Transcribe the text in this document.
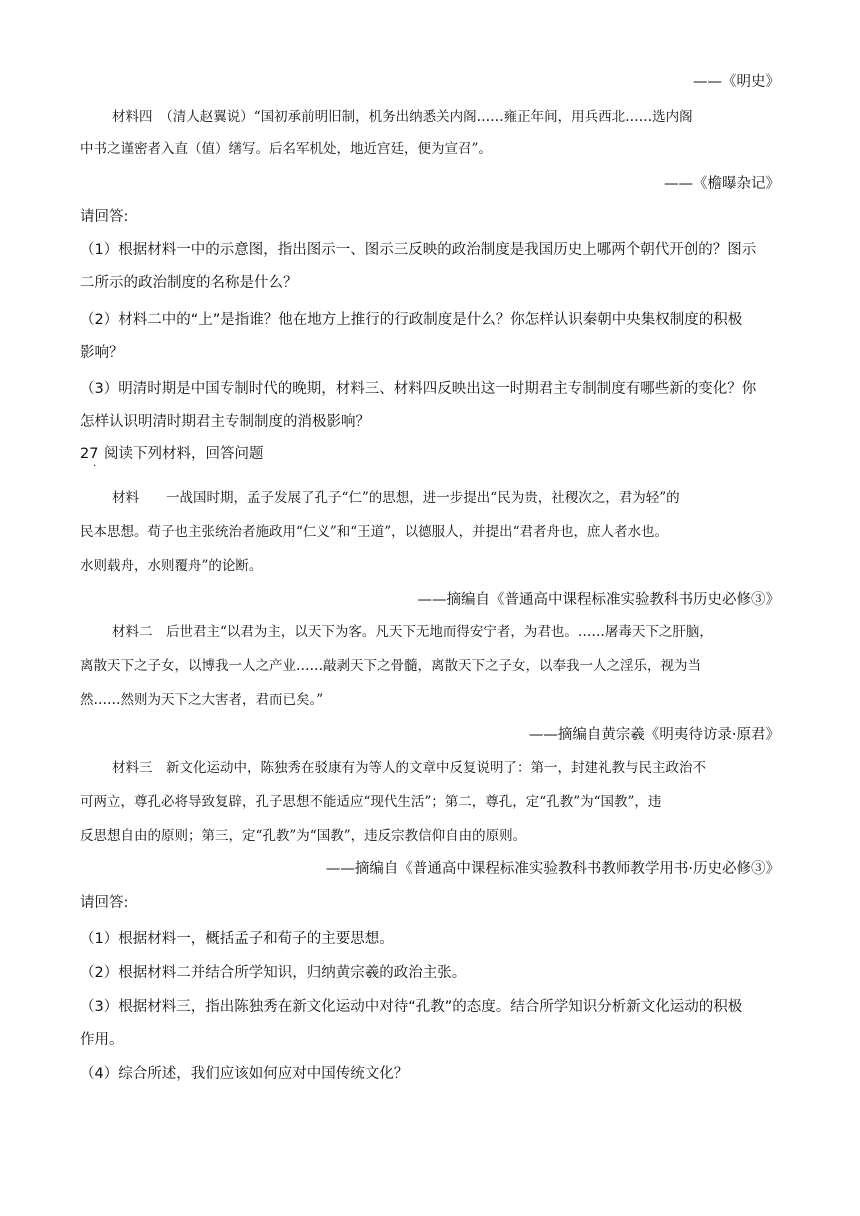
——《明史》
材料四　（清人赵翼说）“国初承前明旧制，机务出纳悉关内阁……雍正年间，用兵西北……选内阁
中书之谨密者入直（值）缮写。后名军机处，地近宫廷，便为宣召”。
——《檐曝杂记》
请回答:
（1）根据材料一中的示意图，指出图示一、图示三反映的政治制度是我国历史上哪两个朝代开创的？图示
二所示的政治制度的名称是什么？
（2）材料二中的“上”是指谁？他在地方上推行的行政制度是什么？你怎样认识秦朝中央集权制度的积极
影响？
（3）明清时期是中国专制时代的晚期，材料三、材料四反映出这一时期君主专制制度有哪些新的变化？你
怎样认识明清时期君主专制制度的消极影响？
27
·
阅读下列材料，回答问题
材料　　一战国时期，孟子发展了孔子“仁”的思想，进一步提出“民为贵，社稷次之，君为轻”的
民本思想。荀子也主张统治者施政用“仁义”和“王道”，以德服人，并提出“君者舟也，庶人者水也。
水则载舟，水则覆舟”的论断。
——摘编自《普通高中课程标准实验教科书历史必修③》
材料二　后世君主“以君为主，以天下为客。凡天下无地而得安宁者，为君也。……屠毒天下之肝脑，
离散天下之子女，以博我一人之产业……敲剥天下之骨髓，离散天下之子女，以奉我一人之淫乐，视为当
然……然则为天下之大害者，君而已矣。”
——摘编自黄宗羲《明夷待访录·原君》
材料三　新文化运动中，陈独秀在驳康有为等人的文章中反复说明了：第一，封建礼教与民主政治不
可两立，尊孔必将导致复辟，孔子思想不能适应“现代生活”；第二，尊孔，定“孔教”为“国教”，违
反思想自由的原则；第三，定“孔教”为“国教”，违反宗教信仰自由的原则。
——摘编自《普通高中课程标准实验教科书教师教学用书·历史必修③》
请回答:
（1）根据材料一，概括孟子和荀子的主要思想。
（2）根据材料二并结合所学知识，归纳黄宗羲的政治主张。
（3）根据材料三，指出陈独秀在新文化运动中对待“孔教”的态度。结合所学知识分析新文化运动的积极
作用。
（4）综合所述，我们应该如何应对中国传统文化？
